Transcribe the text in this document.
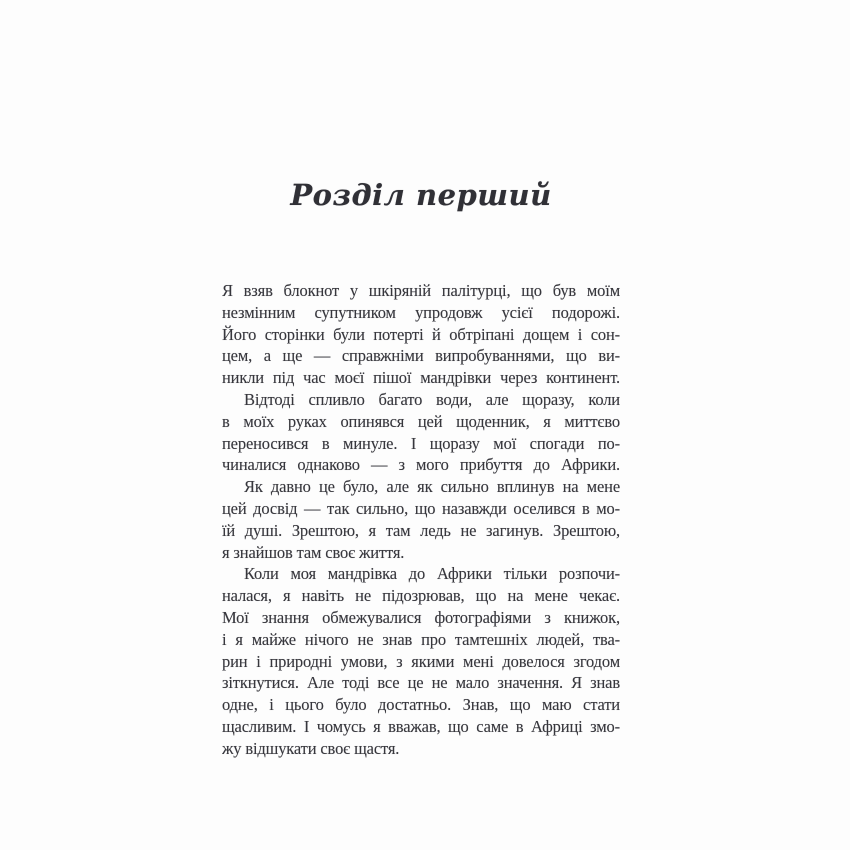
Розділ перший
Я взяв блокнот у шкіряній палітурці, що був моїм
незмінним супутником упродовж усієї подорожі.
Його сторінки були потерті й обтріпані дощем і сон-
цем, а ще — справжніми випробуваннями, що ви-
никли під час моєї пішої мандрівки через континент.
Відтоді спливло багато води, але щоразу, коли
в моїх руках опинявся цей щоденник, я миттєво
переносився в минуле. І щоразу мої спогади по-
чиналися однаково — з мого прибуття до Африки.
Як давно це було, але як сильно вплинув на мене
цей досвід — так сильно, що назавжди оселився в мо-
їй душі. Зрештою, я там ледь не загинув. Зрештою,
я знайшов там своє життя.
Коли моя мандрівка до Африки тільки розпочи-
налася, я навіть не підозрював, що на мене чекає.
Мої знання обмежувалися фотографіями з книжок,
і я майже нічого не знав про тамтешніх людей, тва-
рин і природні умови, з якими мені довелося згодом
зіткнутися. Але тоді все це не мало значення. Я знав
одне, і цього було достатньо. Знав, що маю стати
щасливим. І чомусь я вважав, що саме в Африці змо-
жу відшукати своє щастя.
